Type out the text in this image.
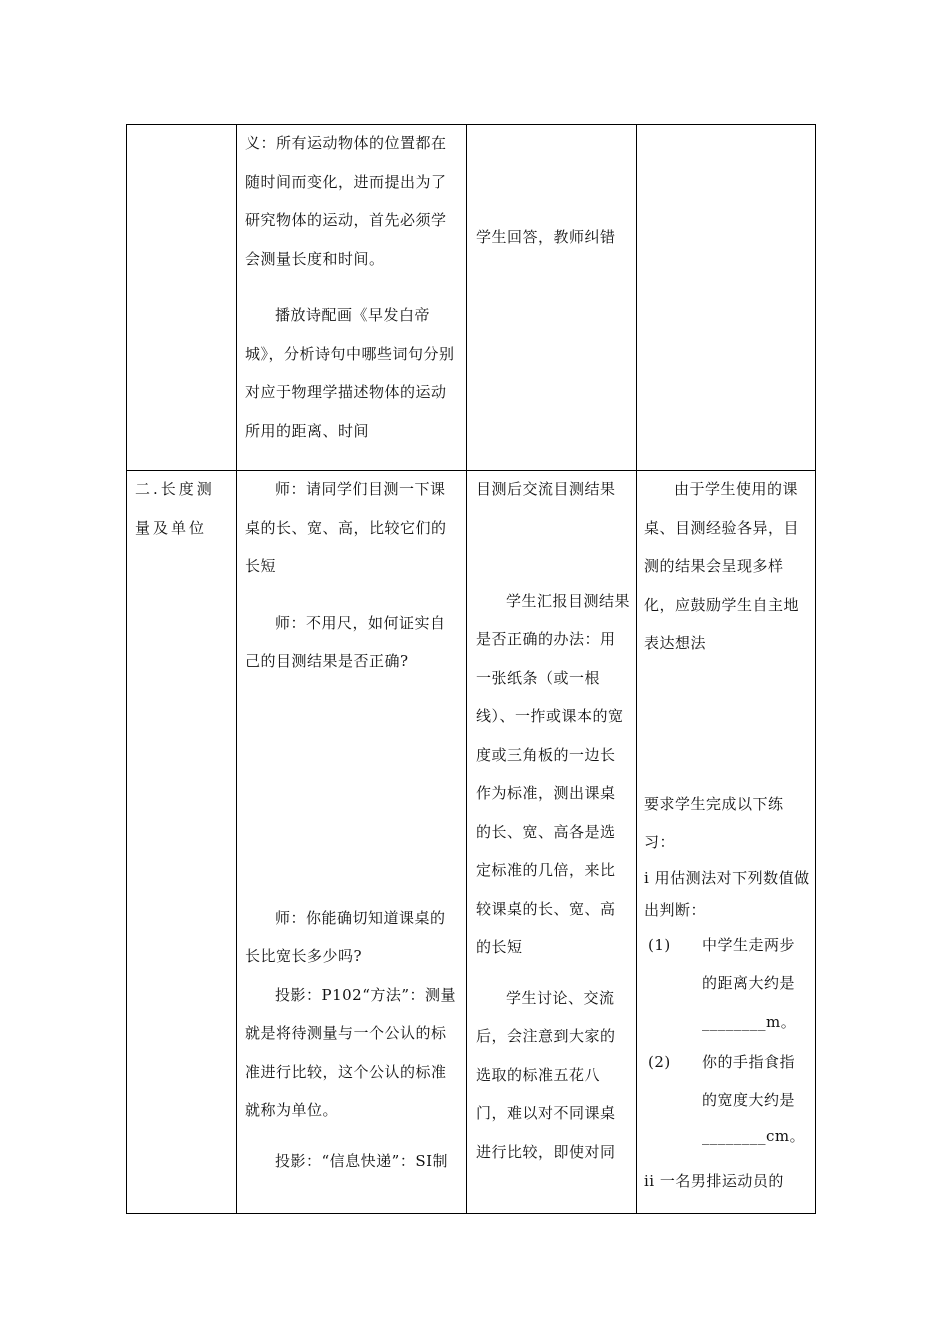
义：所有运动物体的位置都在随时间而变化，进而提出为了研究物体的运动，首先必须学会测量长度和时间。

播放诗配画《早发白帝城》，分析诗句中哪些词句分别对应于物理学描述物体的运动所用的距离、时间

学生回答，教师纠错

二.长度测量及单位

师：请同学们目测一下课桌的长、宽、高，比较它们的长短

师：不用尺，如何证实自己的目测结果是否正确?

师：你能确切知道课桌的长比宽长多少吗?

投影：P102“方法”：测量就是将待测量与一个公认的标准进行比较，这个公认的标准就称为单位。

投影：“信息快递”：SI制

目测后交流目测结果

学生汇报目测结果是否正确的办法：用一张纸条（或一根线）、一拃或课本的宽度或三角板的一边长作为标准，测出课桌的长、宽、高各是选定标准的几倍，来比较课桌的长、宽、高的长短

学生讨论、交流后，会注意到大家的选取的标准五花八门，难以对不同课桌进行比较，即使对同

由于学生使用的课桌、目测经验各异，目测的结果会呈现多样化，应鼓励学生自主地表达想法

要求学生完成以下练习：

i 用估测法对下列数值做出判断：

(1) 中学生走两步的距离大约是

________m。

(2) 你的手指食指的宽度大约是

________cm。

ii 一名男排运动员的
